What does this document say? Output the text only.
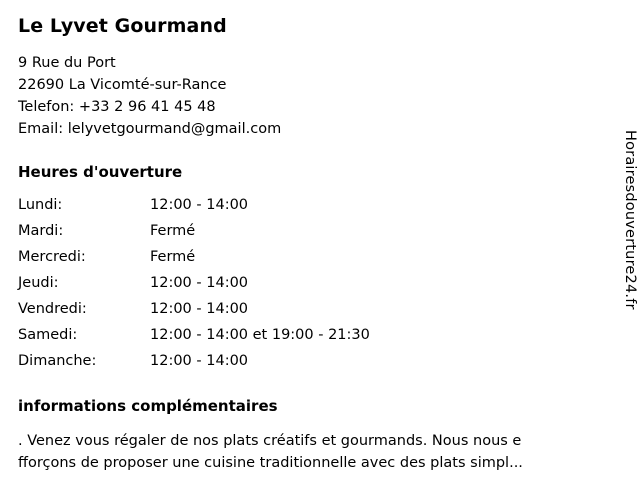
Le Lyvet Gourmand

9 Rue du Port

22690 La Vicomté-sur-Rance

Telefon: +33 2 96 41 45 48

Email: lelyvetgourmand@gmail.com

Heures d'ouverture
Lundi:	12:00 - 14:00
Mardi:	Fermé
Mercredi:	Fermé
Jeudi:	12:00 - 14:00
Vendredi:	12:00 - 14:00
Samedi:	12:00 - 14:00 et 19:00 - 21:30
Dimanche:	12:00 - 14:00
informations complémentaires
. Venez vous régaler de nos plats créatifs et gourmands. Nous nous e
fforçons de proposer une cuisine traditionnelle avec des plats simpl...
Horairesdouverture24.fr
